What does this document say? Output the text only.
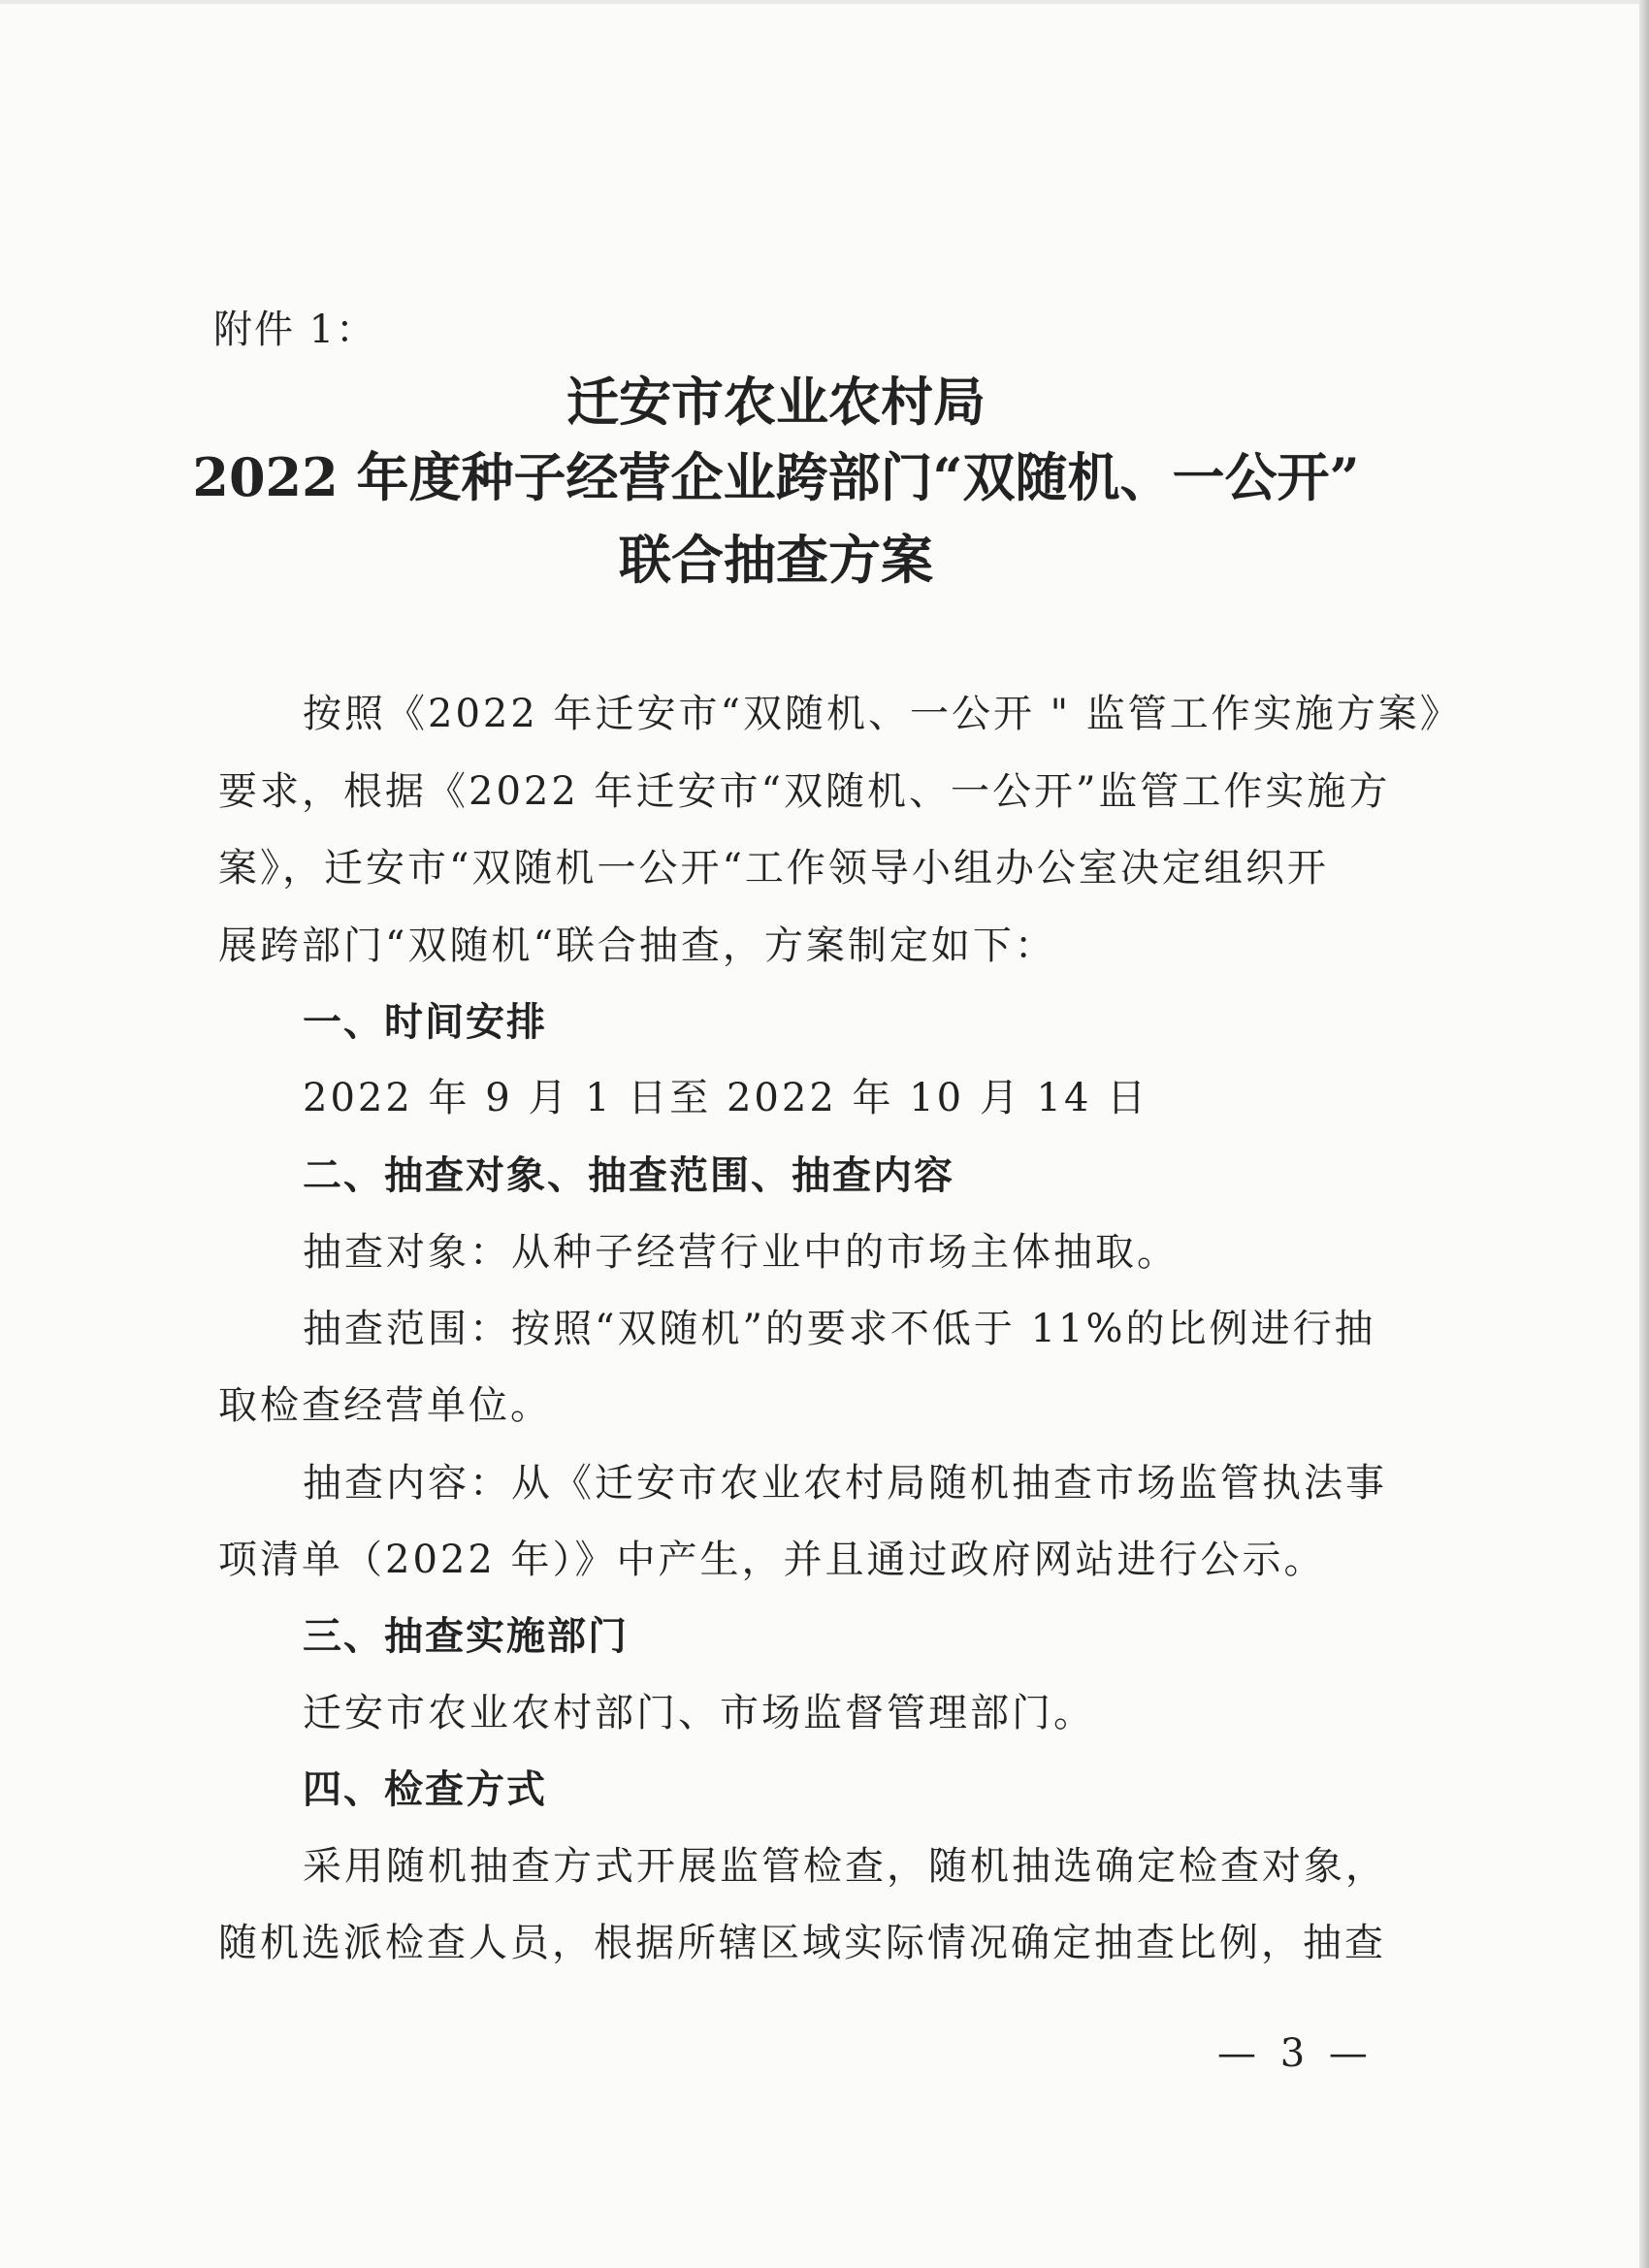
附件 1：
迁安市农业农村局
2022 年度种子经营企业跨部门“双随机、一公开”
联合抽查方案
按照《2022 年迁安市“双随机、一公开 " 监管工作实施方案》
要求，根据《2022 年迁安市“双随机、一公开”监管工作实施方
案》，迁安市“双随机一公开“工作领导小组办公室决定组织开
展跨部门“双随机“联合抽查，方案制定如下：
一、时间安排
2022 年 9 月 1 日至 2022 年 10 月 14 日
二、抽查对象、抽查范围、抽查内容
抽查对象：从种子经营行业中的市场主体抽取。
抽查范围：按照“双随机”的要求不低于 11%的比例进行抽
取检查经营单位。
抽查内容：从《迁安市农业农村局随机抽查市场监管执法事
项清单（2022 年）》中产生，并且通过政府网站进行公示。
三、抽查实施部门
迁安市农业农村部门、市场监督管理部门。
四、检查方式
采用随机抽查方式开展监管检查，随机抽选确定检查对象，
随机选派检查人员，根据所辖区域实际情况确定抽查比例，抽查
— 3 —
